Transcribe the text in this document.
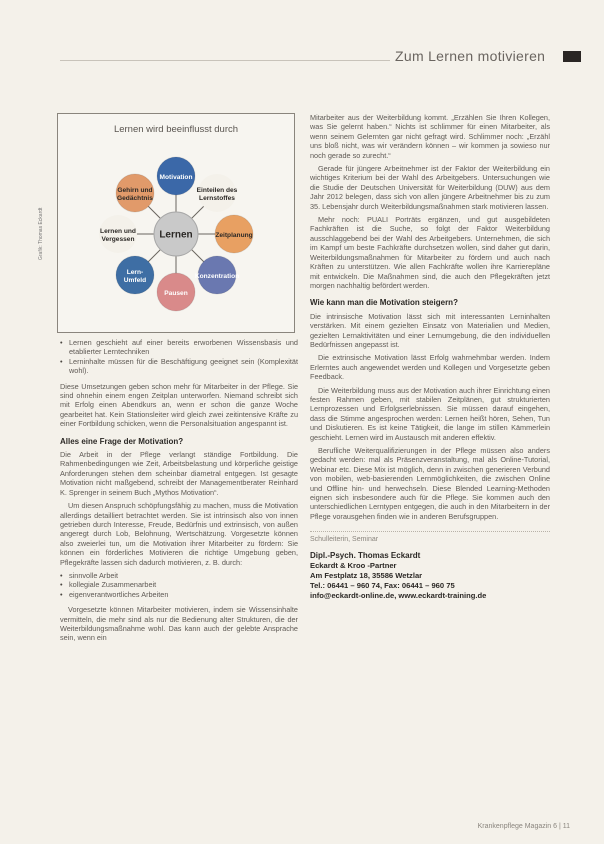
Zum Lernen motivieren
Lernen wird beeinflusst durch
Lernen
Motivation
Einteilen des
Lernstoffes
Zeitplanung
Konzentration
Pausen
Lern-
Umfeld
Lernen und
Vergessen
Gehirn und
Gedächtnis
Grafik: Thomas Eckardt
• Lernen geschieht auf einer bereits erworbenen Wissensbasis und etablierter Lerntechniken
• Lerninhalte müssen für die Beschäftigung geeignet sein (Komplexität wohl).

Diese Umsetzungen geben schon mehr für Mitarbeiter in der Pflege. Sie sind ohnehin einem engen Zeitplan unterworfen. Niemand schreibt sich mit Erfolg einen Abendkurs an, wenn er schon die ganze Woche gearbeitet hat. Kein Stationsleiter wird gleich zwei zeitintensive Kräfte zu einer Fortbildung schicken, wenn die Personalsituation angespannt ist.

Alles eine Frage der Motivation?

Die Arbeit in der Pflege verlangt ständige Fortbildung. Die Rahmenbedingungen wie Zeit, Arbeitsbelastung und körperliche geistige Anforderungen stehen dem scheinbar diametral entgegen. Ist gesagte Motivation nicht maßgebend, schreibt der Managementberater Reinhard K. Sprenger in seinem Buch „Mythos Motivation“.

Um diesen Anspruch schöpfungsfähig zu machen, muss die Motivation allerdings detailliert betrachtet werden. Sie ist intrinsisch also von innen getrieben durch Interesse, Freude, Bedürfnis und extrinsisch, von außen angeregt durch Lob, Belohnung, Wertschätzung. Vorgesetzte können also zweierlei tun, um die Motivation ihrer Mitarbeiter zu fördern: Sie können ein förderliches Motivieren die richtige Umgebung geben, Pflegekräfte lassen sich dadurch motivieren, z. B. durch:

• sinnvolle Arbeit
• kollegiale Zusammenarbeit
• eigenverantwortliches Arbeiten

Vorgesetzte können Mitarbeiter motivieren, indem sie Wissensinhalte vermitteln, die mehr sind als nur die Bedienung alter Strukturen, die der Weiterbildungsmaßnahme wohl. Das kann auch der gelebte Ansprache sein, wenn ein

Mitarbeiter aus der Weiterbildung kommt. „Erzählen Sie Ihren Kollegen, was Sie gelernt haben.“ Nichts ist schlimmer für einen Mitarbeiter, als wenn seinem Gelernten gar nicht gefragt wird. Schlimmer noch: „Erzähl uns bloß nicht, was wir verändern können – wir kommen ja sowieso nur noch gerade so zurecht.“

Gerade für jüngere Arbeitnehmer ist der Faktor der Weiterbildung ein wichtiges Kriterium bei der Wahl des Arbeitgebers. Untersuchungen wie die Studie der Deutschen Universität für Weiterbildung (DUW) aus dem Jahr 2012 belegen, dass sich von allen jüngere Arbeitnehmer bis zu zum 35. Lebensjahr durch Weiterbildungsmaßnahmen stark motivieren lassen.

Mehr noch: PUALI Porträts ergänzen, und gut ausgebildeten Fachkräften ist die Suche, so folgt der Faktor Weiterbildung ausschlaggebend bei der Wahl des Arbeitgebers. Unternehmen, die sich im Kampf um beste Fachkräfte durchsetzen wollen, sind daher gut darin, Weiterbildungsmaßnahmen für Mitarbeiter zu fördern und auch nach Kräften zu unterstützen. Wie allen Fachkräfte wollen ihre Karrierepläne mit entwickeln. Die Maßnahmen sind, die auch den Pflegekräften jetzt morgen nachhaltig befördert werden.

Wie kann man die Motivation steigern?

Die intrinsische Motivation lässt sich mit interessanten Lerninhalten verstärken. Mit einem gezielten Einsatz von Materialien und Medien, gezielten Lernaktivitäten und einer Lernumgebung, die den individuellen Bedürfnissen angepasst ist.

Die extrinsische Motivation lässt Erfolg wahrnehmbar werden. Indem Erlerntes auch angewendet werden und Kollegen und Vorgesetzte geben Feedback.

Die Weiterbildung muss aus der Motivation auch ihrer Einrichtung einen festen Rahmen geben, mit stabilen Zeitplänen, gut strukturierten Lernprozessen und Erfolgserlebnissen. Sie müssen darauf eingehen, dass die Stimme angesprochen werden: Lernen heißt hören, Sehen, Tun und Diskutieren. Es ist keine Tätigkeit, die lange im stillen Kämmerlein geschieht. Lernen wird im Austausch mit anderen effektiv.

Berufliche Weiterqualifizierungen in der Pflege müssen also anders gedacht werden: mal als Präsenzveranstaltung, mal als Online-Tutorial, Webinar etc. Diese Mix ist möglich, denn in zwischen generieren Verbund von mobilen, web-basierenden Lernmöglichkeiten, die zwischen Online und Offline hin- und herwechseln. Diese Blended Learning-Methoden eignen sich insbesondere auch für die Pflege. Sie kommen auch den unterschiedlichen Lerntypen entgegen, die auch in den Mitarbeitern in der Pflege vorausgehen finden wie in anderen Berufsgruppen.

Schulleiterin, Seminar
Dipl.-Psych. Thomas Eckardt
Eckardt & Kroo -Partner
Am Festplatz 18, 35586 Wetzlar
Tel.: 06441 – 960 74, Fax: 06441 – 960 75
info@eckardt-online.de, www.eckardt-training.de
Krankenpflege Magazin 6 | 11
